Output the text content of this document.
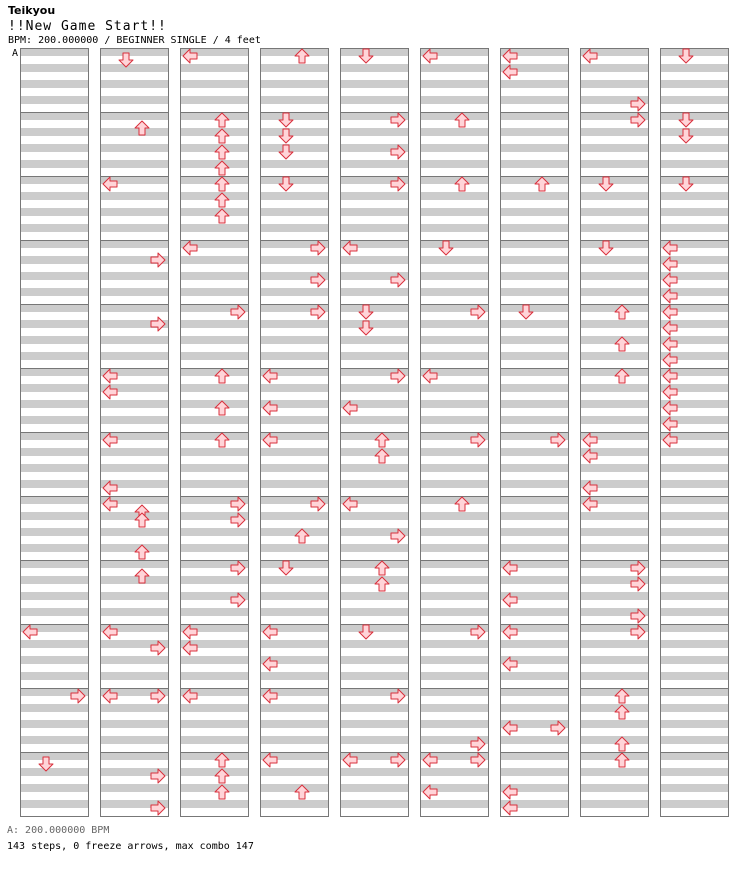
Teikyou
!!New Game Start!!
BPM: 200.000000 / BEGINNER SINGLE / 4 feet
A
A: 200.000000 BPM
143 steps, 0 freeze arrows, max combo 147
